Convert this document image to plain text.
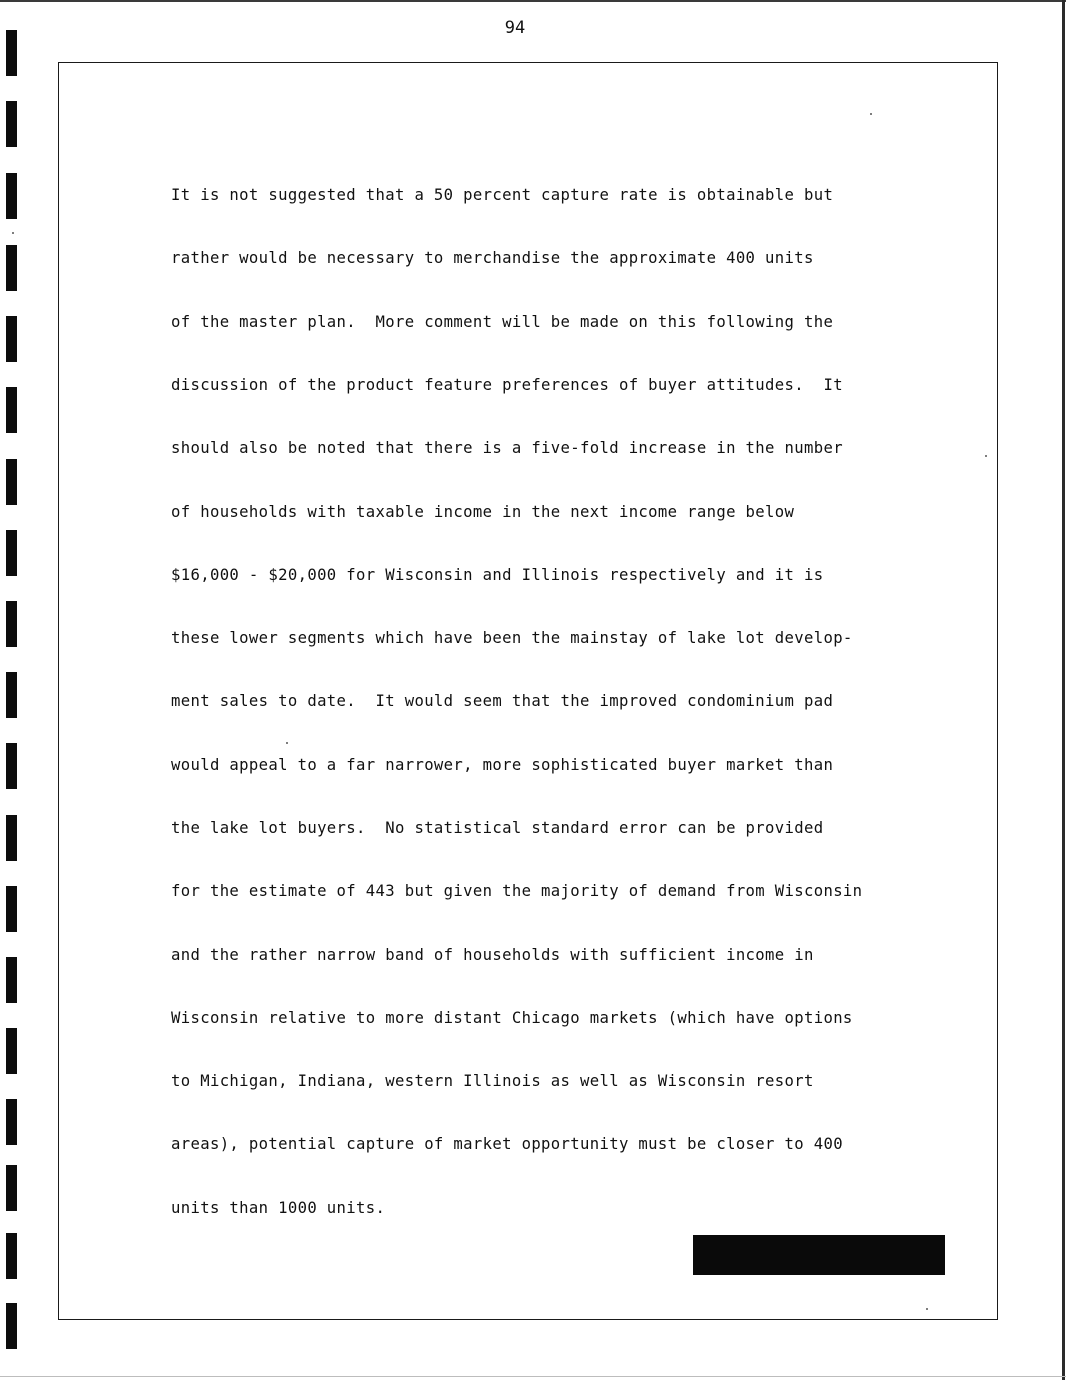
94

It is not suggested that a 50 percent capture rate is obtainable but

rather would be necessary to merchandise the approximate 400 units

of the master plan.  More comment will be made on this following the

discussion of the product feature preferences of buyer attitudes.  It

should also be noted that there is a five-fold increase in the number

of households with taxable income in the next income range below

$16,000 - $20,000 for Wisconsin and Illinois respectively and it is

these lower segments which have been the mainstay of lake lot develop-

ment sales to date.  It would seem that the improved condominium pad

would appeal to a far narrower, more sophisticated buyer market than

the lake lot buyers.  No statistical standard error can be provided

for the estimate of 443 but given the majority of demand from Wisconsin

and the rather narrow band of households with sufficient income in

Wisconsin relative to more distant Chicago markets (which have options

to Michigan, Indiana, western Illinois as well as Wisconsin resort

areas), potential capture of market opportunity must be closer to 400

units than 1000 units.
